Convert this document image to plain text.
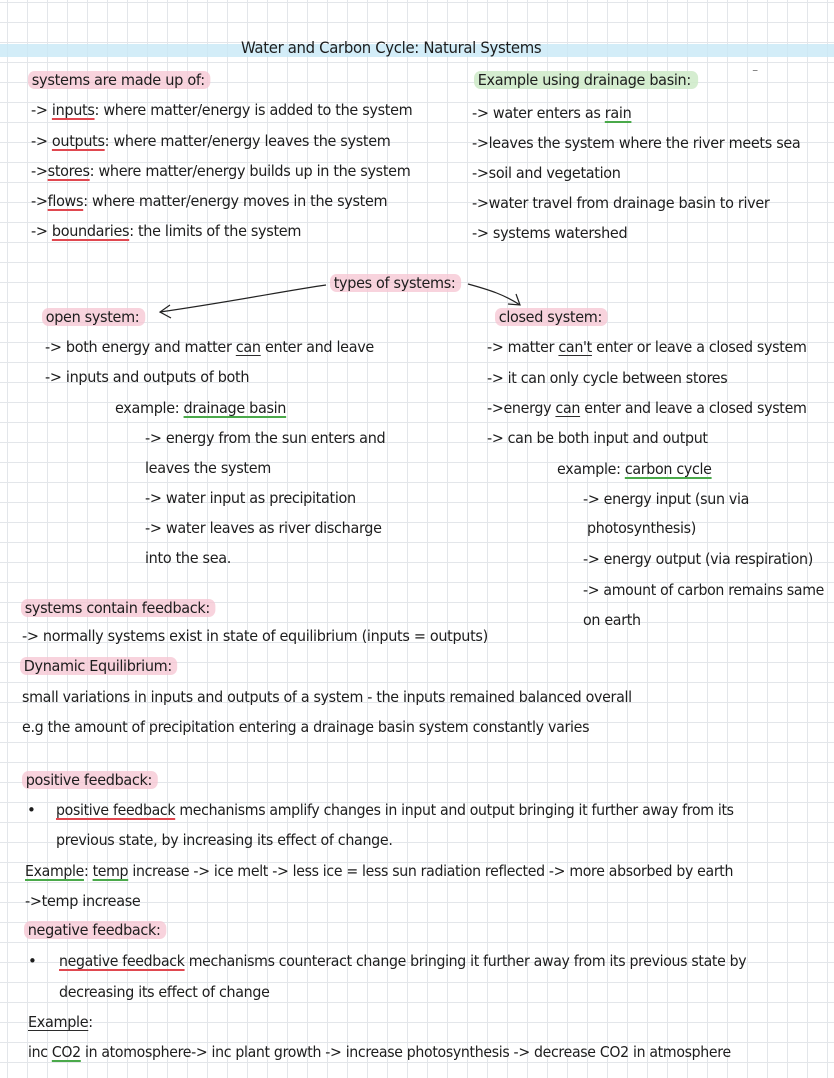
Water and Carbon Cycle: Natural Systems
systems are made up of:
-> inputs: where matter/energy is added to the system
-> outputs: where matter/energy leaves the system
->stores: where matter/energy builds up in the system
->flows: where matter/energy moves in the system
-> boundaries: the limits of the system
Example using drainage basin:	⁻
-> water enters as rain
->leaves the system where the river meets sea
->soil and vegetation
->water travel from drainage basin to river
-> systems watershed
types of systems:
open system:
-> both energy and matter can enter and leave
-> inputs and outputs of both
example: drainage basin
-> energy from the sun enters and
leaves the system
-> water input as precipitation
-> water leaves as river discharge
into the sea.
closed system:
-> matter can't enter or leave a closed system
-> it can only cycle between stores
->energy can enter and leave a closed system
-> can be both input and output
example: carbon cycle
-> energy input (sun via
photosynthesis)
-> energy output (via respiration)
-> amount of carbon remains same
on earth
systems contain feedback:
-> normally systems exist in state of equilibrium (inputs = outputs)
Dynamic Equilibrium:
small variations in inputs and outputs of a system - the inputs remained balanced overall
e.g the amount of precipitation entering a drainage basin system constantly varies
positive feedback:
• positive feedback mechanisms amplify changes in input and output bringing it further away from its
previous state, by increasing its effect of change.
Example: temp increase -> ice melt -> less ice = less sun radiation reflected -> more absorbed by earth
->temp increase
negative feedback:
• negative feedback mechanisms counteract change bringing it further away from its previous state by
decreasing its effect of change
Example:
inc CO2 in atomosphere-> inc plant growth -> increase photosynthesis -> decrease CO2 in atmosphere
